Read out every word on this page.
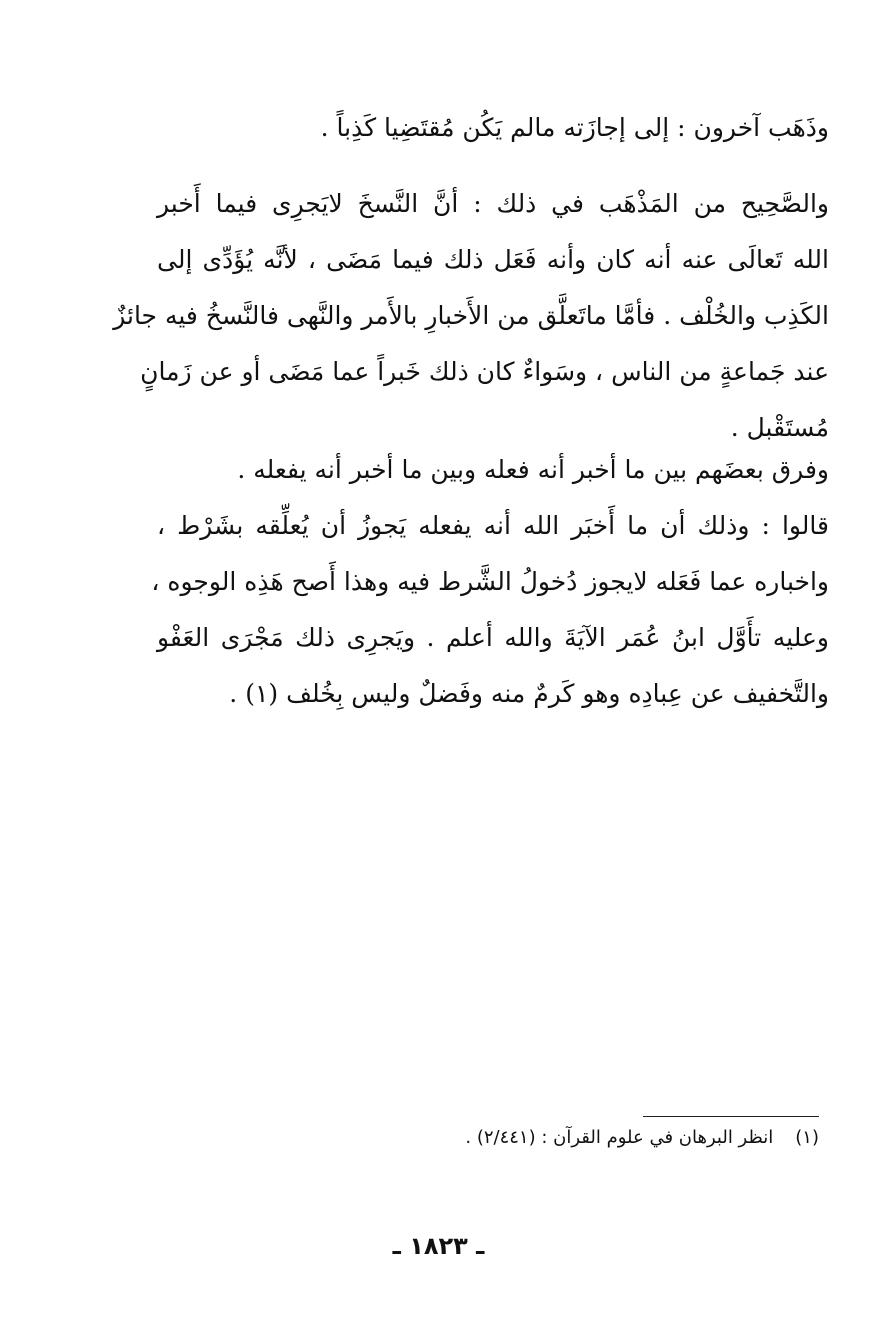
وذَهَب آخرون : إلى إجازَته مالم يَكُن مُقتَضِيا كَذِباً .
والصَّحِيح من المَذْهَب في ذلك : أنَّ النَّسخَ لايَجرِى فيما أَخبر
الله تَعالَى عنه أنه كان وأنه فَعَل ذلك فيما مَضَى ، لأنَّه يُؤَدِّى إلى
الكَذِب والخُلْف . فأمَّا ماتَعلَّق من الأَخبارِ بالأَمر والنَّهى فالنَّسخُ فيه جائزٌ
عند جَماعةٍ من الناس ، وسَواءٌ كان ذلك خَبراً عما مَضَى أو عن زَمانٍ
مُستَقْبل .
وفرق بعضَهم بين ما أخبر أنه فعله وبين ما أخبر أنه يفعله .
قالوا : وذلك أن ما أَخبَر الله أنه يفعله يَجوزُ أن يُعلِّقه بشَرْط ،
واخباره عما فَعَله لايجوز دُخولُ الشَّرط فيه وهذا أَصح هَذِه الوجوه ،
وعليه تأَوَّل ابنُ عُمَر الآيَةَ والله أعلم . ويَجرِى ذلك مَجْرَى العَفْو
والتَّخفيف عن عِبادِه وهو كَرمٌ منه وفَضلٌ وليس بِخُلف (١) .
(١)انظر البرهان في علوم القرآن : (٢/٤٤١) .
ـ ١٨٢٣ ـ
